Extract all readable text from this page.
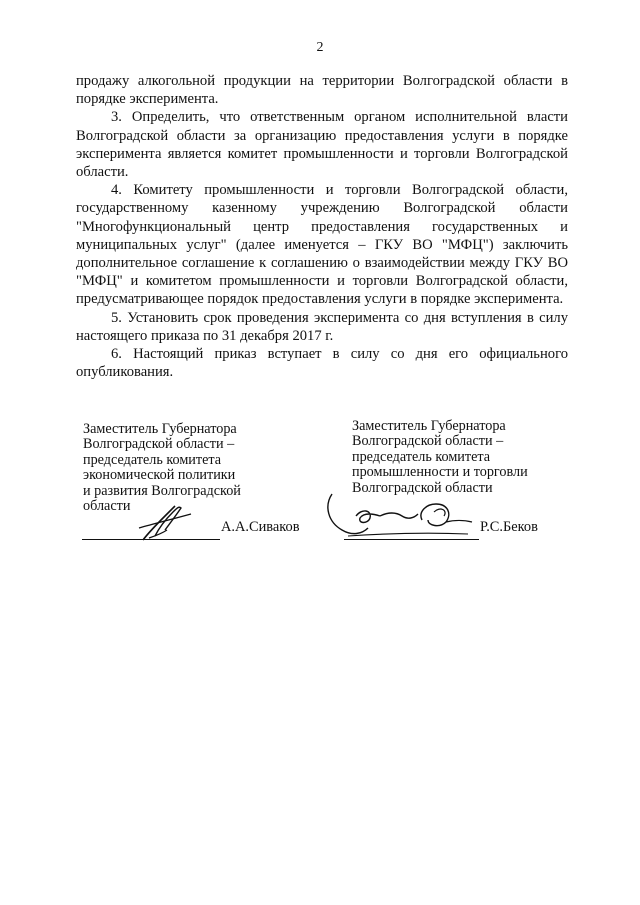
2

продажу алкогольной продукции на территории Волгоградской области в порядке эксперимента.

3. Определить, что ответственным органом исполнительной власти Волгоградской области за организацию предоставления услуги в порядке эксперимента является комитет промышленности и торговли Волгоградской области.

4. Комитету промышленности и торговли Волгоградской области, государственному казенному учреждению Волгоградской области "Многофункциональный центр предоставления государственных и муниципальных услуг" (далее именуется – ГКУ ВО "МФЦ") заключить дополнительное соглашение к соглашению о взаимодействии между ГКУ ВО "МФЦ" и комитетом промышленности и торговли Волгоградской области, предусматривающее порядок предоставления услуги в порядке эксперимента.

5. Установить срок проведения эксперимента со дня вступления в силу настоящего приказа по 31 декабря 2017 г.

6. Настоящий приказ вступает в силу со дня его официального опубликования.

Заместитель Губернатора
Волгоградской области –
председатель комитета
экономической политики
и развития Волгоградской
области
А.А.Сиваков
Заместитель Губернатора
Волгоградской области –
председатель комитета
промышленности и торговли
Волгоградской области
Р.С.Беков
